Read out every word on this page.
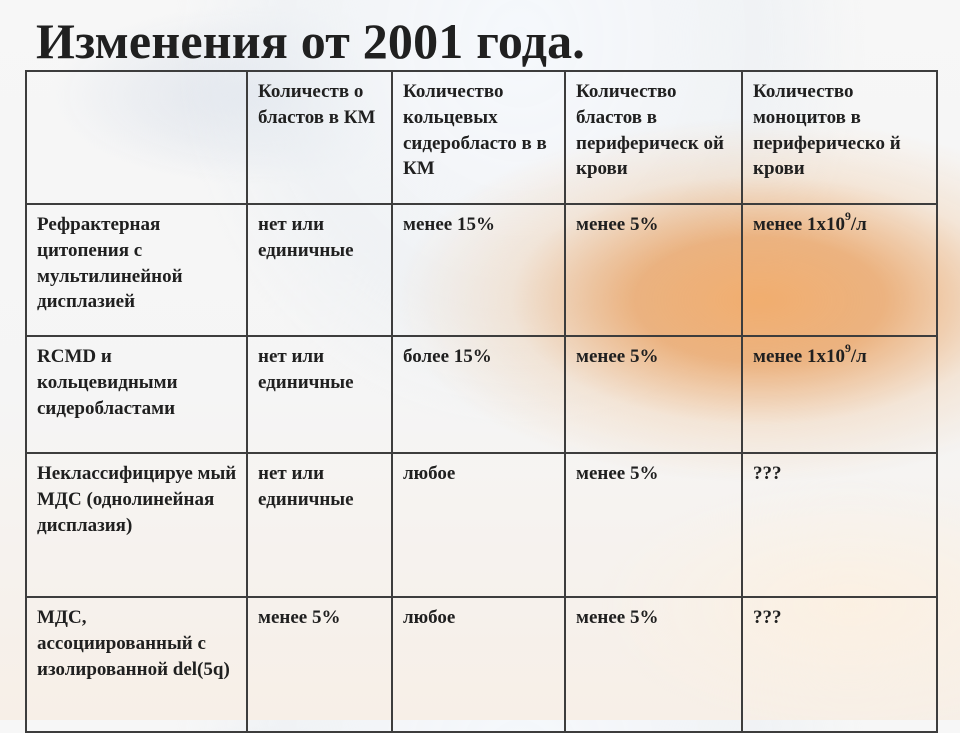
Изменения от 2001 года.

	Количеств о бластов в КМ	Количество кольцевых сидеробласто в в КМ	Количество бластов в периферическ ой крови	Количество моноцитов в периферическо й крови

Рефрактерная цитопения с мультилинейной дисплазией	нет или единичные	менее 15%	менее 5%	менее $1х10^9/л$

RCMD и кольцевидными сидеробластами	нет или единичные	более 15%	менее 5%	менее $1х10^9/л$

Неклассифицируе мый МДС (однолинейная дисплазия)	нет или единичные	любое	менее 5%	???

МДС, ассоциированный с изолированной del(5q)	менее 5%	любое	менее 5%	???
